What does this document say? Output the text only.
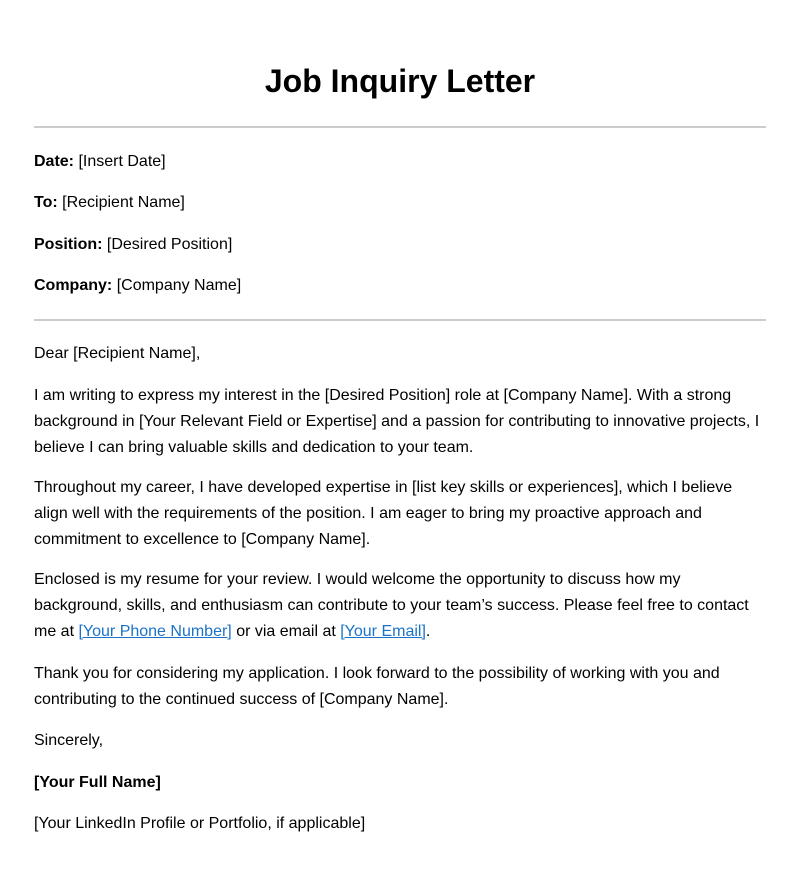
Job Inquiry Letter
Date: [Insert Date]
To: [Recipient Name]
Position: [Desired Position]
Company: [Company Name]

Dear [Recipient Name],

I am writing to express my interest in the [Desired Position] role at [Company Name]. With a strong background in [Your Relevant Field or Expertise] and a passion for contributing to innovative projects, I believe I can bring valuable skills and dedication to your team.

Throughout my career, I have developed expertise in [list key skills or experiences], which I believe align well with the requirements of the position. I am eager to bring my proactive approach and commitment to excellence to [Company Name].

Enclosed is my resume for your review. I would welcome the opportunity to discuss how my background, skills, and enthusiasm can contribute to your team’s success. Please feel free to contact me at [Your Phone Number] or via email at [Your Email].

Thank you for considering my application. I look forward to the possibility of working with you and contributing to the continued success of [Company Name].

Sincerely,

[Your Full Name]

[Your LinkedIn Profile or Portfolio, if applicable]
